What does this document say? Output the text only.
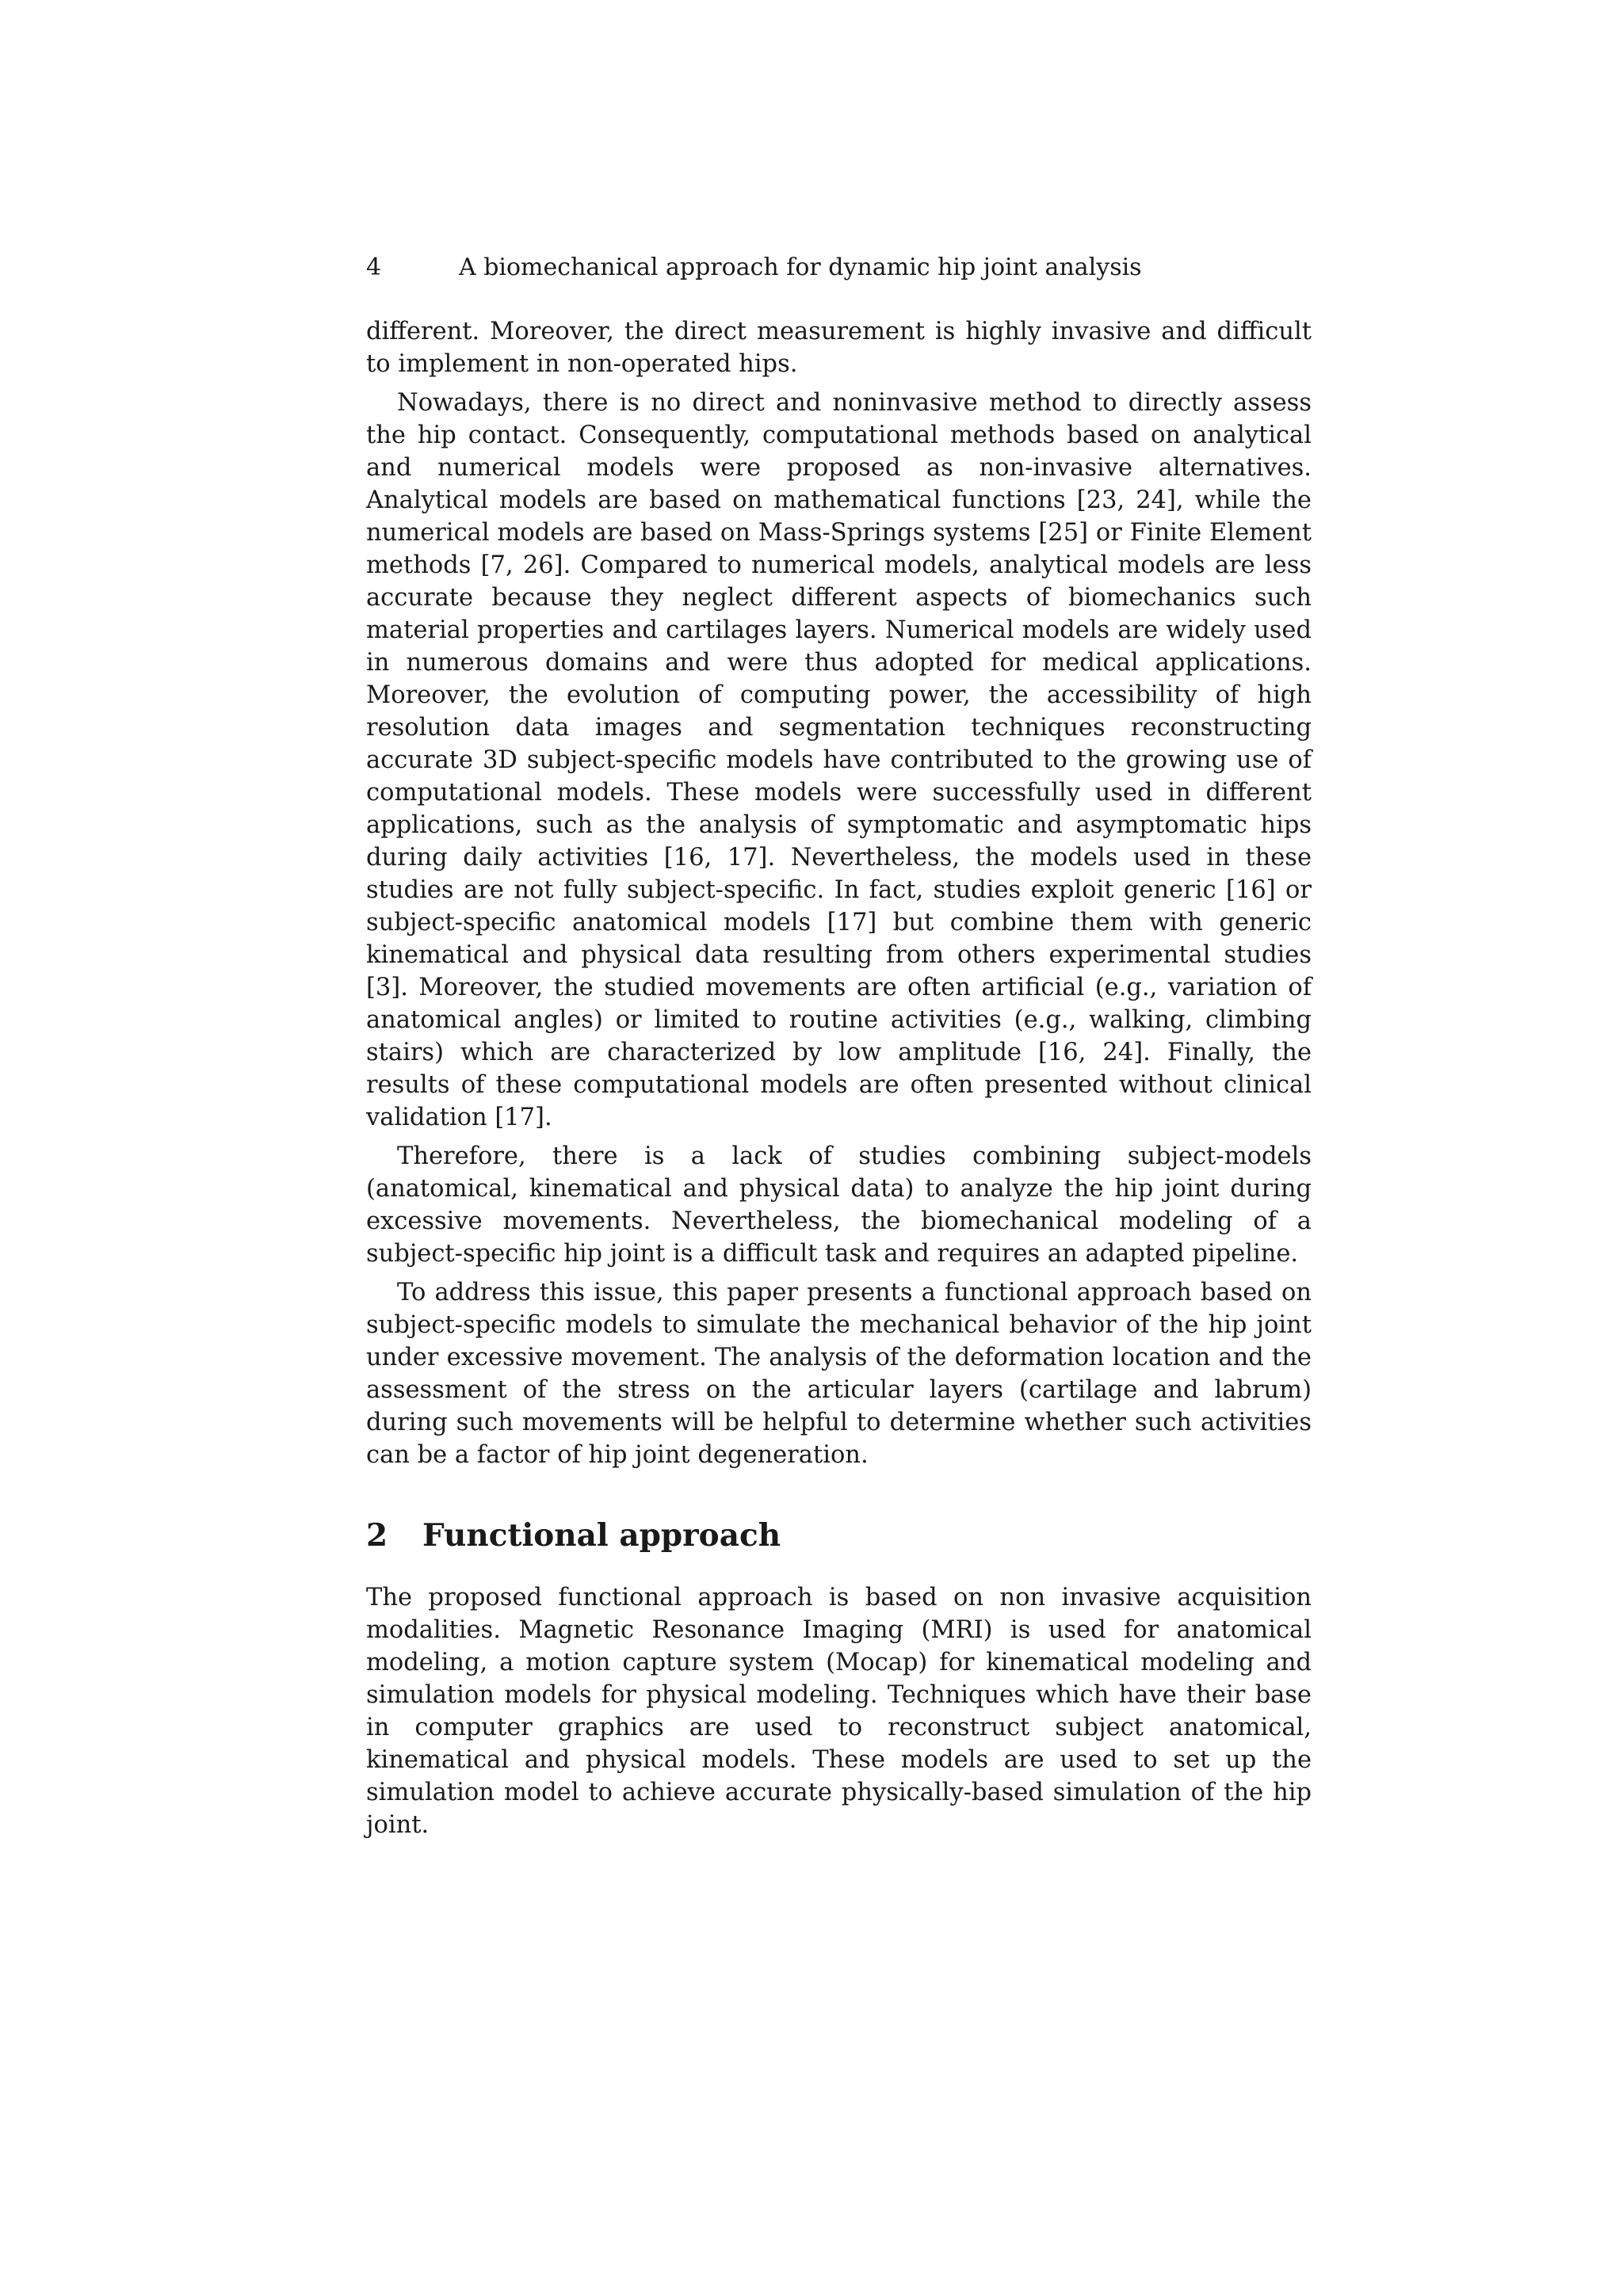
4	A biomechanical approach for dynamic hip joint analysis

different. Moreover, the direct measurement is highly invasive and difficult to implement in non-operated hips.

Nowadays, there is no direct and noninvasive method to directly assess the hip contact. Consequently, computational methods based on analytical and numerical models were proposed as non-invasive alternatives. Analytical models are based on mathematical functions [23, 24], while the numerical models are based on Mass-Springs systems [25] or Finite Element methods [7, 26]. Compared to numerical models, analytical models are less accurate because they neglect different aspects of biomechanics such material properties and cartilages layers. Numerical models are widely used in numerous domains and were thus adopted for medical applications. Moreover, the evolution of computing power, the accessibility of high resolution data images and segmentation techniques reconstructing accurate 3D subject-specific models have contributed to the growing use of computational models. These models were successfully used in different applications, such as the analysis of symptomatic and asymptomatic hips during daily activities [16, 17]. Nevertheless, the models used in these studies are not fully subject-specific. In fact, studies exploit generic [16] or subject-specific anatomical models [17] but combine them with generic kinematical and physical data resulting from others experimental studies [3]. Moreover, the studied movements are often artificial (e.g., variation of anatomical angles) or limited to routine activities (e.g., walking, climbing stairs) which are characterized by low amplitude [16, 24]. Finally, the results of these computational models are often presented without clinical validation [17].

Therefore, there is a lack of studies combining subject-models (anatomical, kinematical and physical data) to analyze the hip joint during excessive movements. Nevertheless, the biomechanical modeling of a subject-specific hip joint is a difficult task and requires an adapted pipeline.

To address this issue, this paper presents a functional approach based on subject-specific models to simulate the mechanical behavior of the hip joint under excessive movement. The analysis of the deformation location and the assessment of the stress on the articular layers (cartilage and labrum) during such movements will be helpful to determine whether such activities can be a factor of hip joint degeneration.

2 Functional approach

The proposed functional approach is based on non invasive acquisition modalities. Magnetic Resonance Imaging (MRI) is used for anatomical modeling, a motion capture system (Mocap) for kinematical modeling and simulation models for physical modeling. Techniques which have their base in computer graphics are used to reconstruct subject anatomical, kinematical and physical models. These models are used to set up the simulation model to achieve accurate physically-based simulation of the hip joint.
